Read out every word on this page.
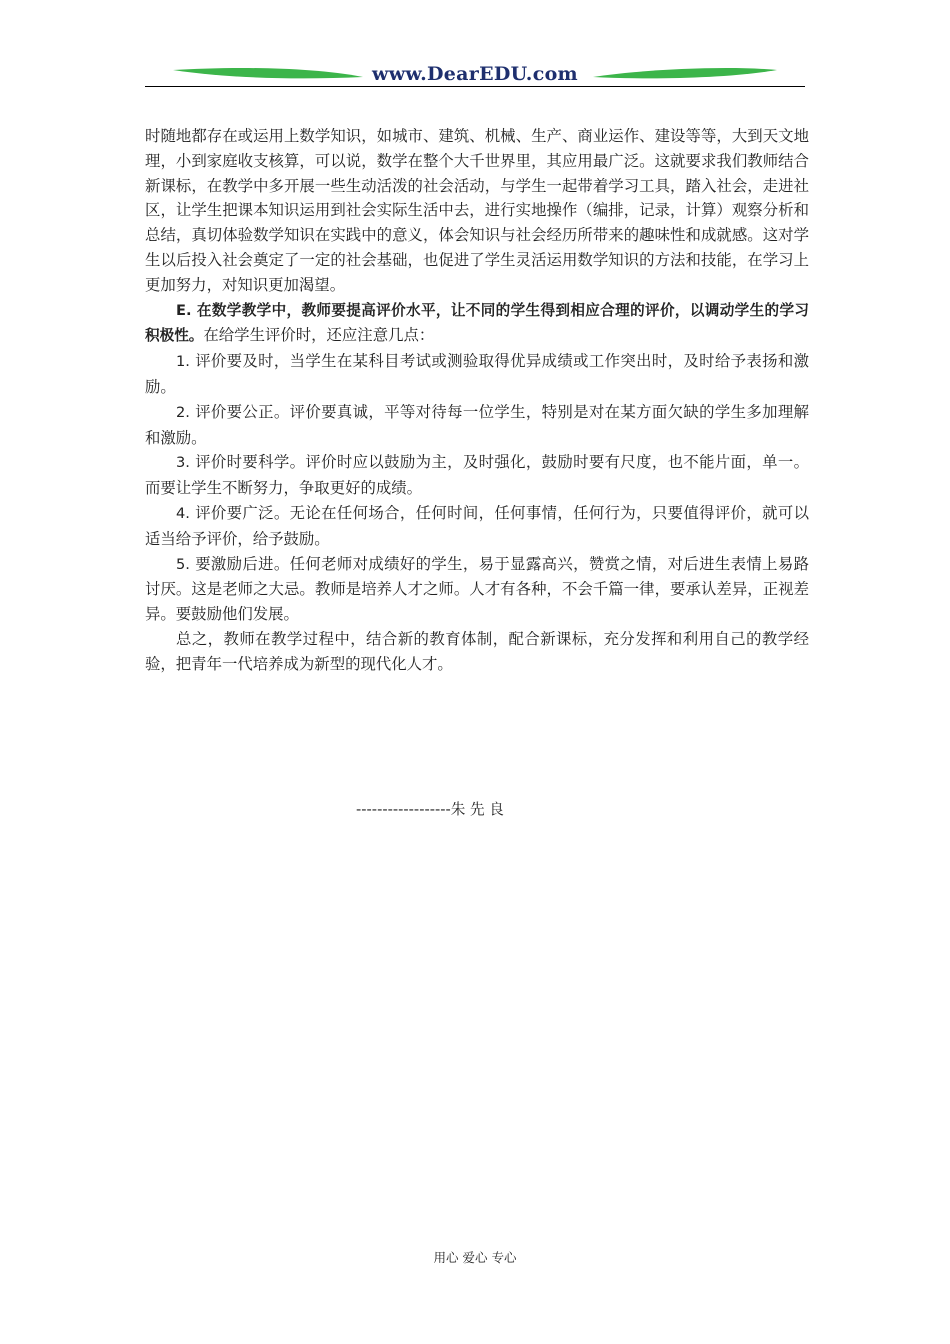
www.DearEDU.com

时随地都存在或运用上数学知识，如城市、建筑、机械、生产、商业运作、建设等等，大到天文地理，小到家庭收支核算，可以说，数学在整个大千世界里，其应用最广泛。这就要求我们教师结合新课标，在教学中多开展一些生动活泼的社会活动，与学生一起带着学习工具，踏入社会，走进社区，让学生把课本知识运用到社会实际生活中去，进行实地操作（编排，记录，计算）观察分析和总结，真切体验数学知识在实践中的意义，体会知识与社会经历所带来的趣味性和成就感。这对学生以后投入社会奠定了一定的社会基础，也促进了学生灵活运用数学知识的方法和技能，在学习上更加努力，对知识更加渴望。

E. 在数学教学中，教师要提高评价水平，让不同的学生得到相应合理的评价，以调动学生的学习积极性。在给学生评价时，还应注意几点：

1. 评价要及时，当学生在某科目考试或测验取得优异成绩或工作突出时，及时给予表扬和激励。

2. 评价要公正。评价要真诚，平等对待每一位学生，特别是对在某方面欠缺的学生多加理解和激励。

3. 评价时要科学。评价时应以鼓励为主，及时强化，鼓励时要有尺度，也不能片面，单一。而要让学生不断努力，争取更好的成绩。

4. 评价要广泛。无论在任何场合，任何时间，任何事情，任何行为，只要值得评价，就可以适当给予评价，给予鼓励。

5. 要激励后进。任何老师对成绩好的学生，易于显露高兴，赞赏之情，对后进生表情上易路讨厌。这是老师之大忌。教师是培养人才之师。人才有各种，不会千篇一律，要承认差异，正视差异。要鼓励他们发展。

总之，教师在教学过程中，结合新的教育体制，配合新课标，充分发挥和利用自己的教学经验，把青年一代培养成为新型的现代化人才。

------------------朱 先 良
用心 爱心 专心
